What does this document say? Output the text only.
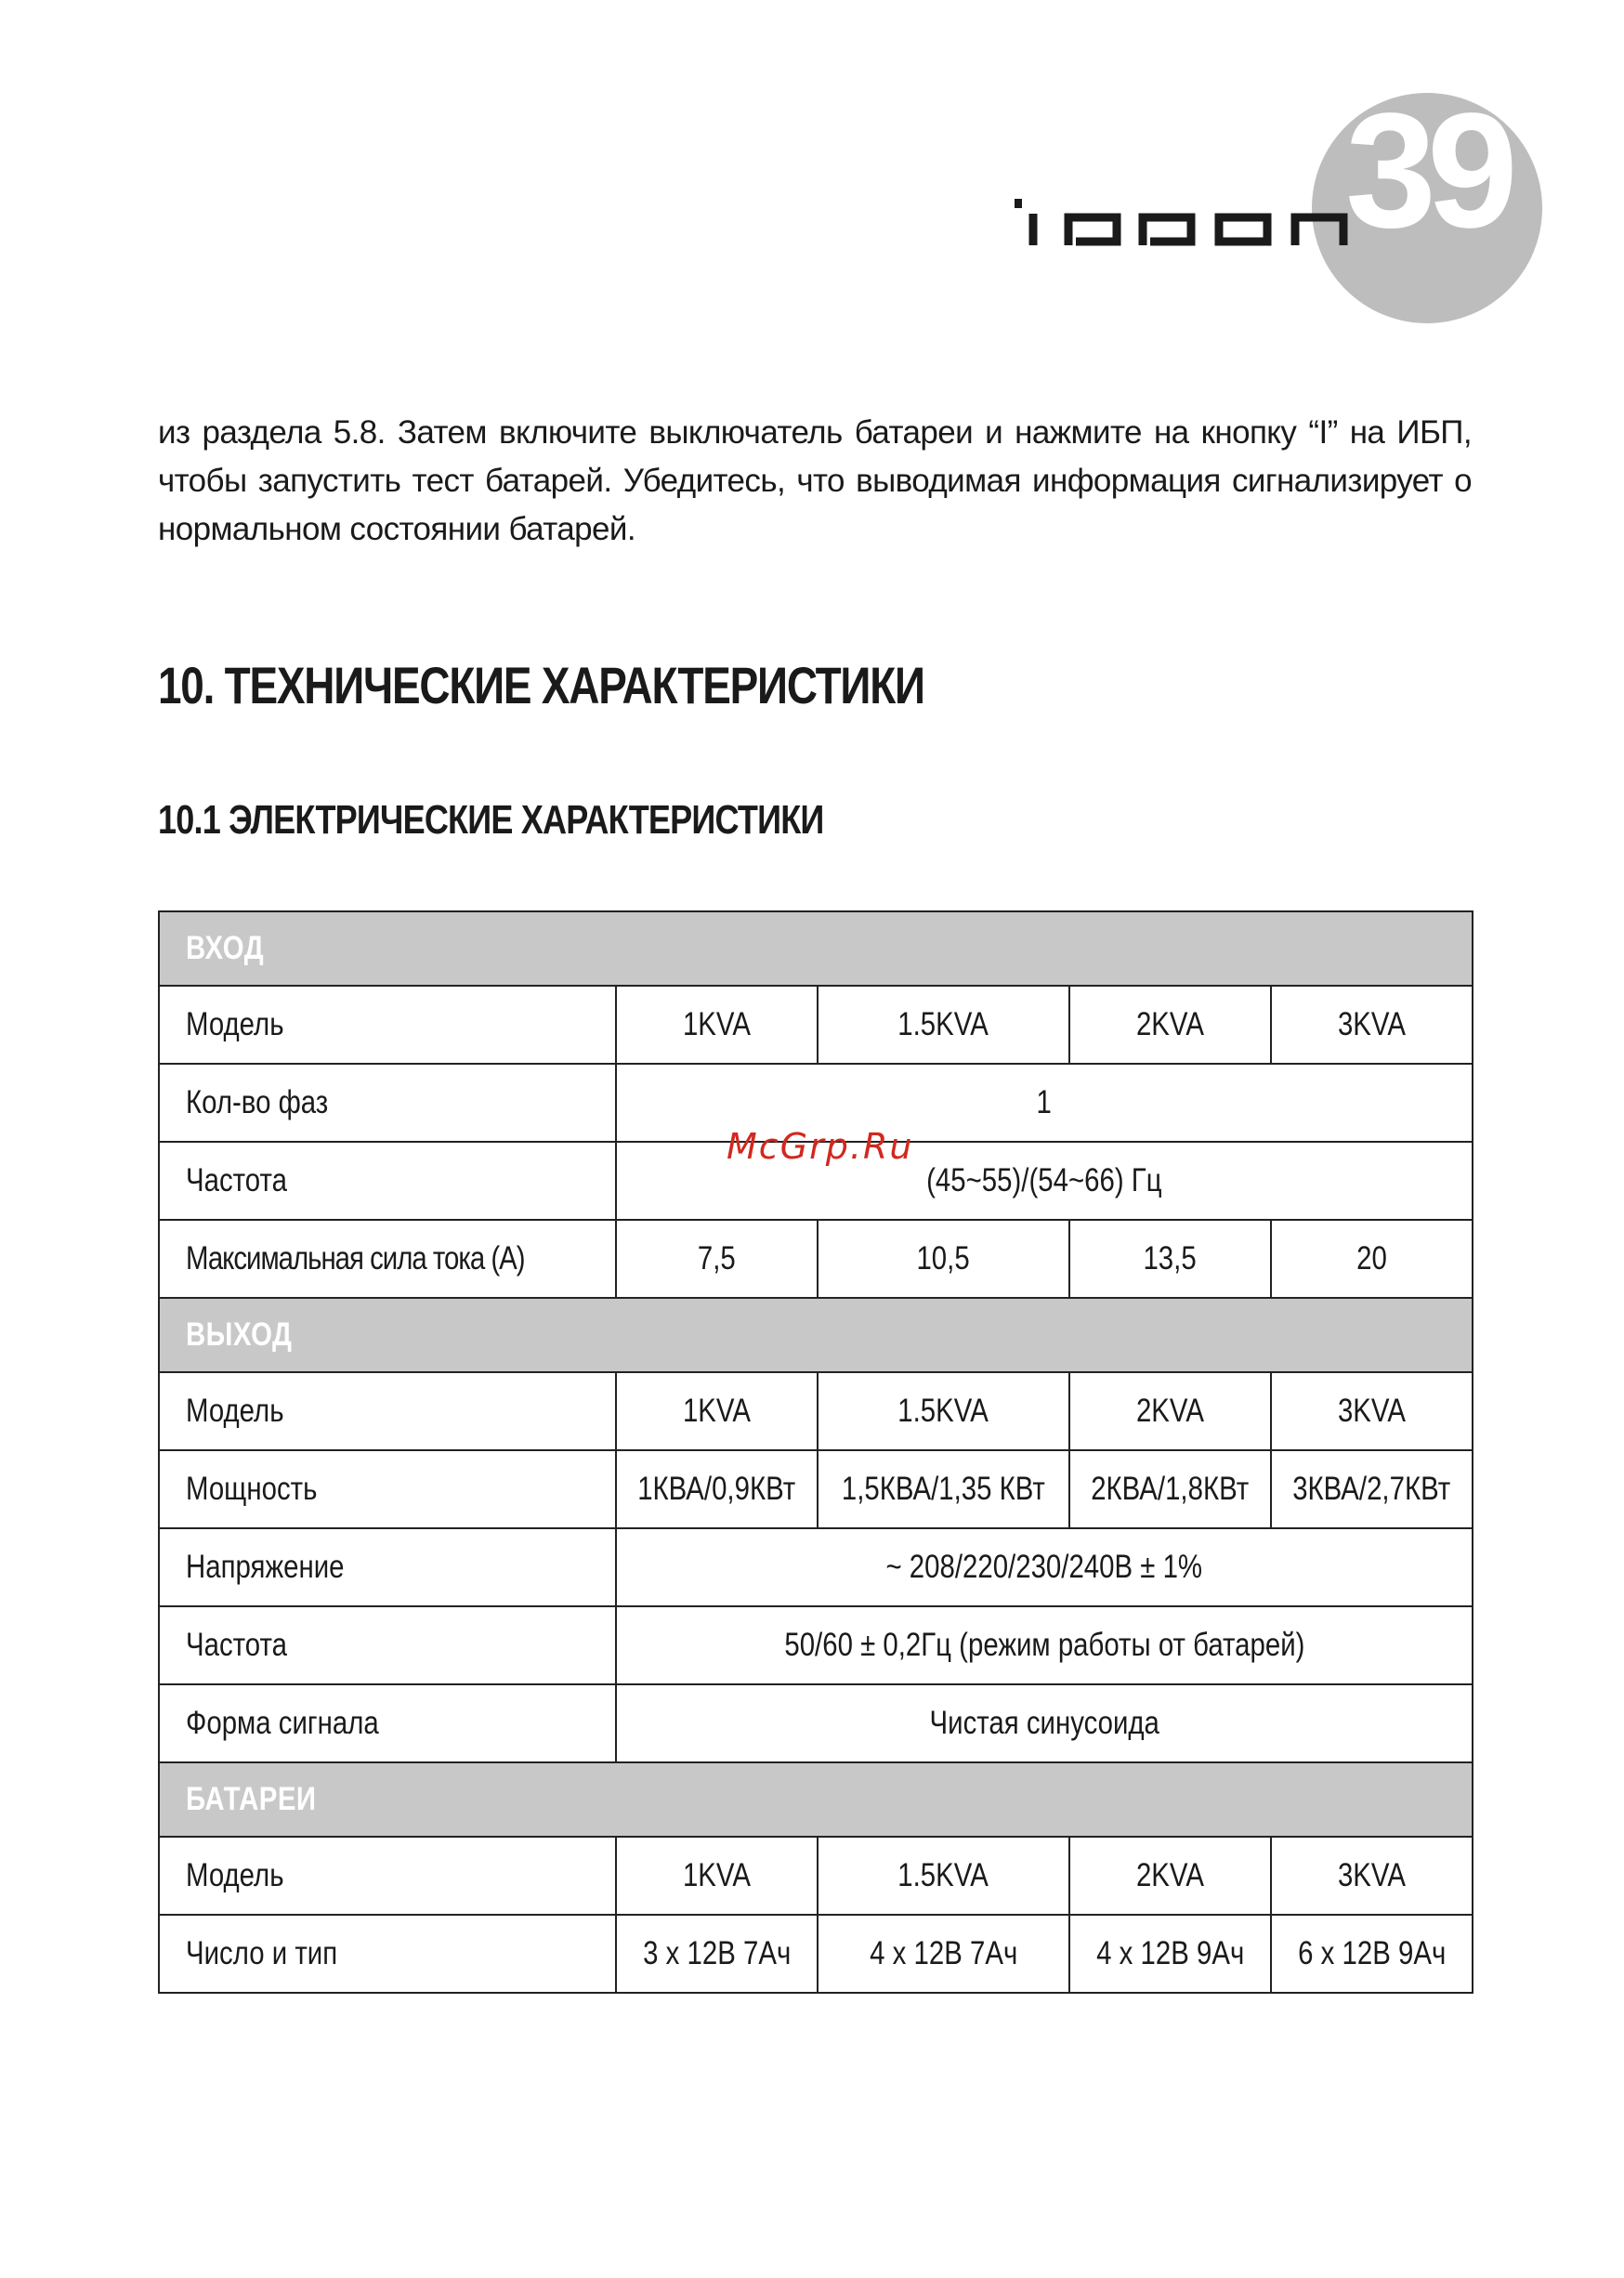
39
ippon
из раздела 5.8. Затем включите выключатель батареи и нажмите на кнопку “I” на ИБП, чтобы запустить тест батарей. Убедитесь, что выводимая информация сигнализирует о нормальном состоянии батарей.
10. ТЕХНИЧЕСКИЕ ХАРАКТЕРИСТИКИ
10.1 ЭЛЕКТРИЧЕСКИЕ ХАРАКТЕРИСТИКИ
ВХОД				
Модель	1KVA	1.5KVA	2KVA	3KVA
Кол-во фаз	1			
Частота	(45~55)/(54~66) Гц			
Максимальная сила тока (А)	7,5	10,5	13,5	20
ВЫХОД				
Модель	1KVA	1.5KVA	2KVA	3KVA
Мощность	1КВА/0,9КВт	1,5КВА/1,35 КВт	2КВА/1,8КВт	3КВА/2,7КВт
Напряжение	~ 208/220/230/240В ± 1%			
Частота	50/60 ± 0,2Гц (режим работы от батарей)			
Форма сигнала	Чистая синусоида			
БАТАРЕИ				
Модель	1KVA	1.5KVA	2KVA	3KVA
Число и тип	3 x 12В 7Ач	4 x 12В 7Ач	4 x 12В 9Ач	6 x 12В 9Ач
McGrp.Ru
